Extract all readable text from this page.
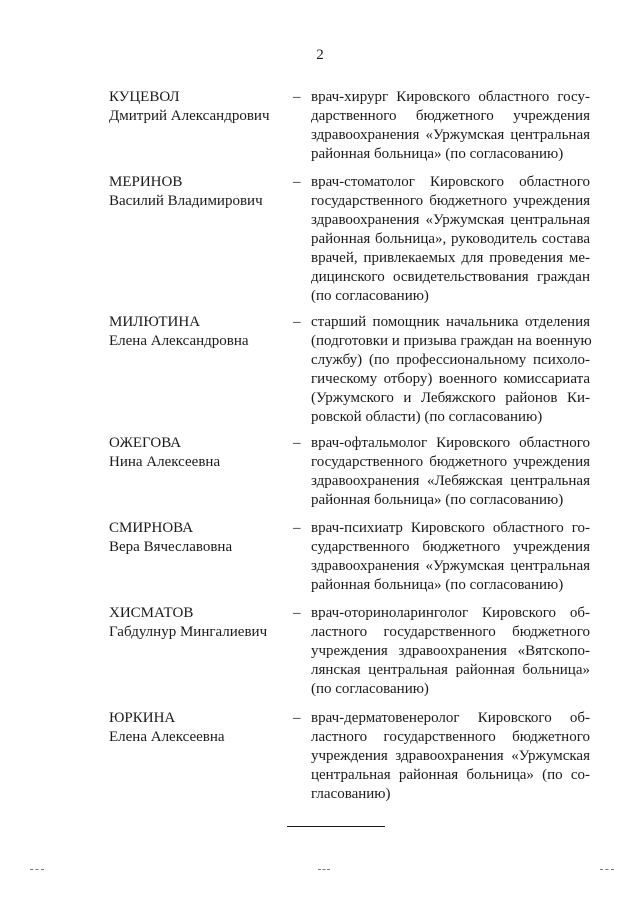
2
КУЦЕВОЛ
Дмитрий Александрович
– врач-хирург Кировского областного госу-
дарственного бюджетного учреждения
здравоохранения «Уржумская центральная
районная больница» (по согласованию)
МЕРИНОВ
Василий Владимирович
– врач-стоматолог Кировского областного
государственного бюджетного учреждения
здравоохранения «Уржумская центральная
районная больница», руководитель состава
врачей, привлекаемых для проведения ме-
дицинского освидетельствования граждан
(по согласованию)
МИЛЮТИНА
Елена Александровна
– старший помощник начальника отделения
(подготовки и призыва граждан на военную
службу) (по профессиональному психоло-
гическому отбору) военного комиссариата
(Уржумского и Лебяжского районов Ки-
ровской области) (по согласованию)
ОЖЕГОВА
Нина Алексеевна
– врач-офтальмолог Кировского областного
государственного бюджетного учреждения
здравоохранения «Лебяжская центральная
районная больница» (по согласованию)
СМИРНОВА
Вера Вячеславовна
– врач-психиатр Кировского областного го-
сударственного бюджетного учреждения
здравоохранения «Уржумская центральная
районная больница» (по согласованию)
ХИСМАТОВ
Габдулнур Мингалиевич
– врач-оториноларинголог Кировского об-
ластного государственного бюджетного
учреждения здравоохранения «Вятскопо-
лянская центральная районная больница»
(по согласованию)
ЮРКИНА
Елена Алексеевна
– врач-дерматовенеролог Кировского об-
ластного государственного бюджетного
учреждения здравоохранения «Уржумская
центральная районная больница» (по со-
гласованию)
